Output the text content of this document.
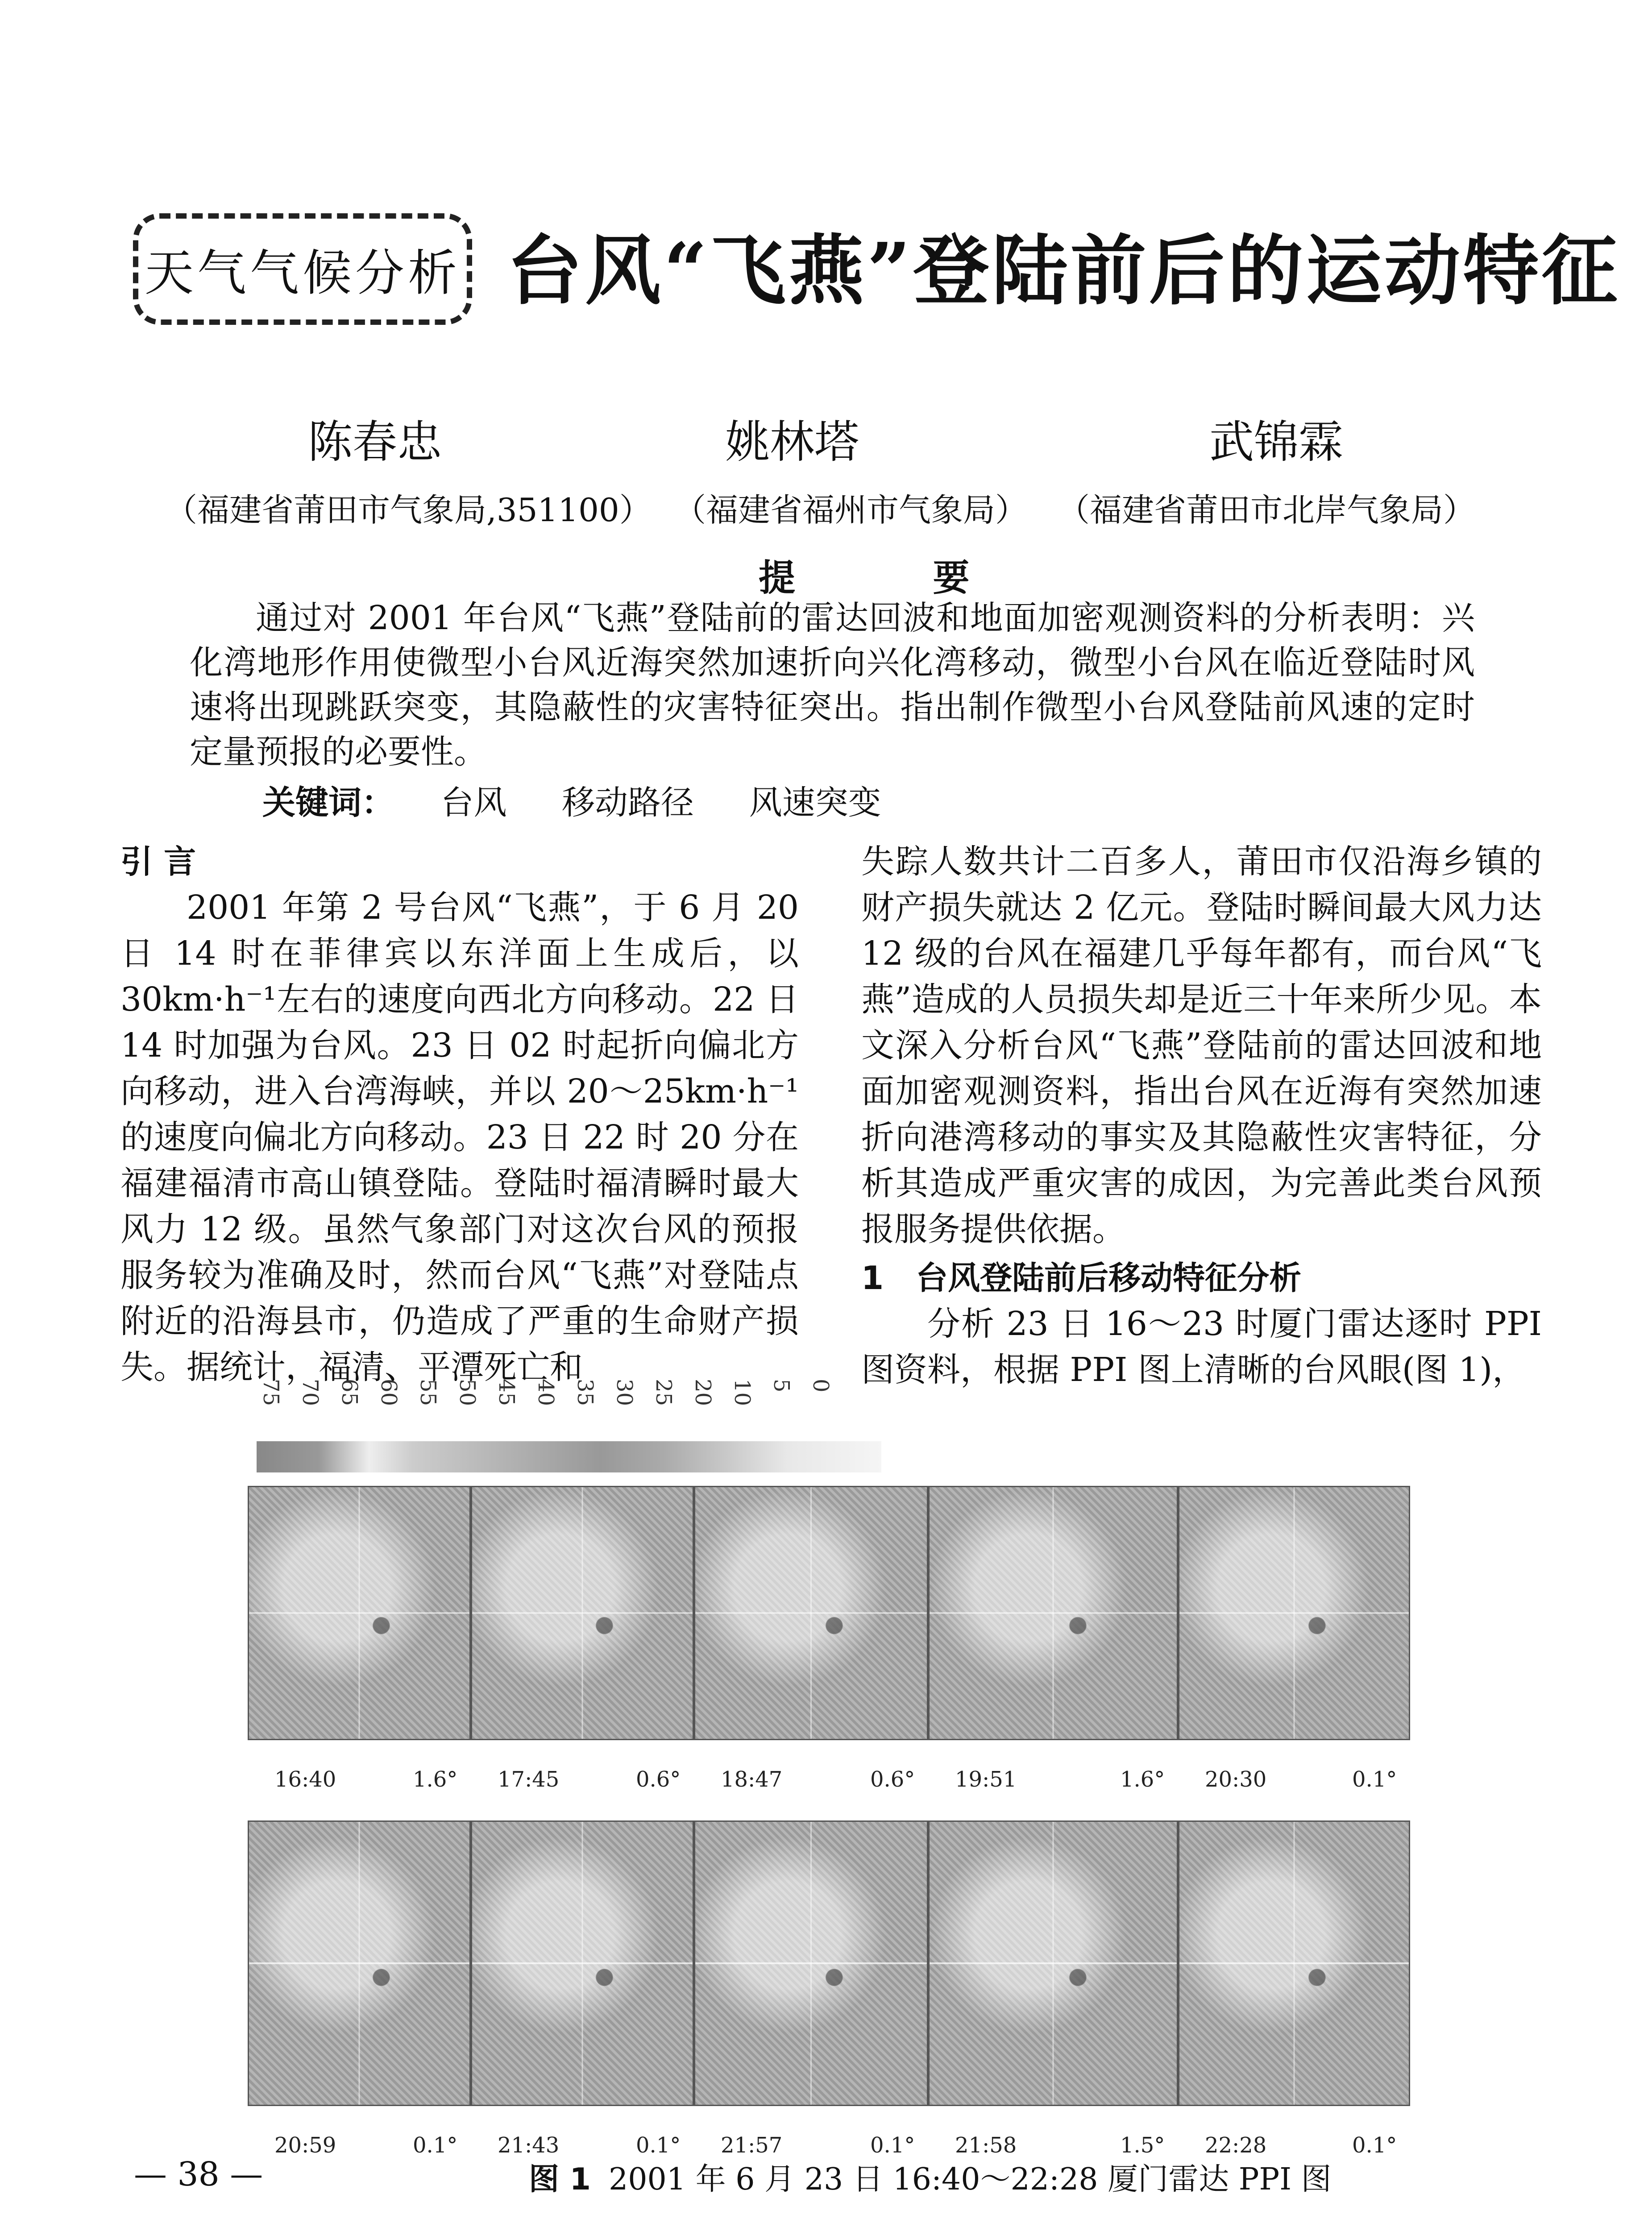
天气气候分析 台风“飞燕”登陆前后的运动特征
陈春忠	姚林塔	武锦霖
（福建省莆田市气象局,351100） （福建省福州市气象局） （福建省莆田市北岸气象局）
提 要

通过对 2001 年台风“飞燕”登陆前的雷达回波和地面加密观测资料的分析表明：兴化湾地形作用使微型小台风近海突然加速折向兴化湾移动，微型小台风在临近登陆时风速将出现跳跃突变，其隐蔽性的灾害特征突出。指出制作微型小台风登陆前风速的定时定量预报的必要性。

关键词： 台风 移动路径 风速突变

引 言

2001 年第 2 号台风“飞燕”，于 6 月 20 日 14 时在菲律宾以东洋面上生成后，以 30km·h⁻¹左右的速度向西北方向移动。22 日 14 时加强为台风。23 日 02 时起折向偏北方向移动，进入台湾海峡，并以 20～25km·h⁻¹的速度向偏北方向移动。23 日 22 时 20 分在福建福清市高山镇登陆。登陆时福清瞬时最大风力 12 级。虽然气象部门对这次台风的预报服务较为准确及时，然而台风“飞燕”对登陆点附近的沿海县市，仍造成了严重的生命财产损失。据统计，福清、平潭死亡和

失踪人数共计二百多人，莆田市仅沿海乡镇的财产损失就达 2 亿元。登陆时瞬间最大风力达 12 级的台风在福建几乎每年都有，而台风“飞燕”造成的人员损失却是近三十年来所少见。本文深入分析台风“飞燕”登陆前的雷达回波和地面加密观测资料，指出台风在近海有突然加速折向港湾移动的事实及其隐蔽性灾害特征，分析其造成严重灾害的成因，为完善此类台风预报服务提供依据。

1　台风登陆前后移动特征分析

分析 23 日 16～23 时厦门雷达逐时 PPI 图资料，根据 PPI 图上清晰的台风眼(图 1)，

75 70 65 60 55 50 45 40 35 30 25 20 10 5 0
16:40	1.6° 17:45	0.6° 18:47	0.6° 19:51	1.6° 20:30	0.1°
20:59	0.1° 21:43	0.1° 21:57	0.1° 21:58	1.5° 22:28	0.1°
图 1 2001 年 6 月 23 日 16:40～22:28 厦门雷达 PPI 图
— 38 —
